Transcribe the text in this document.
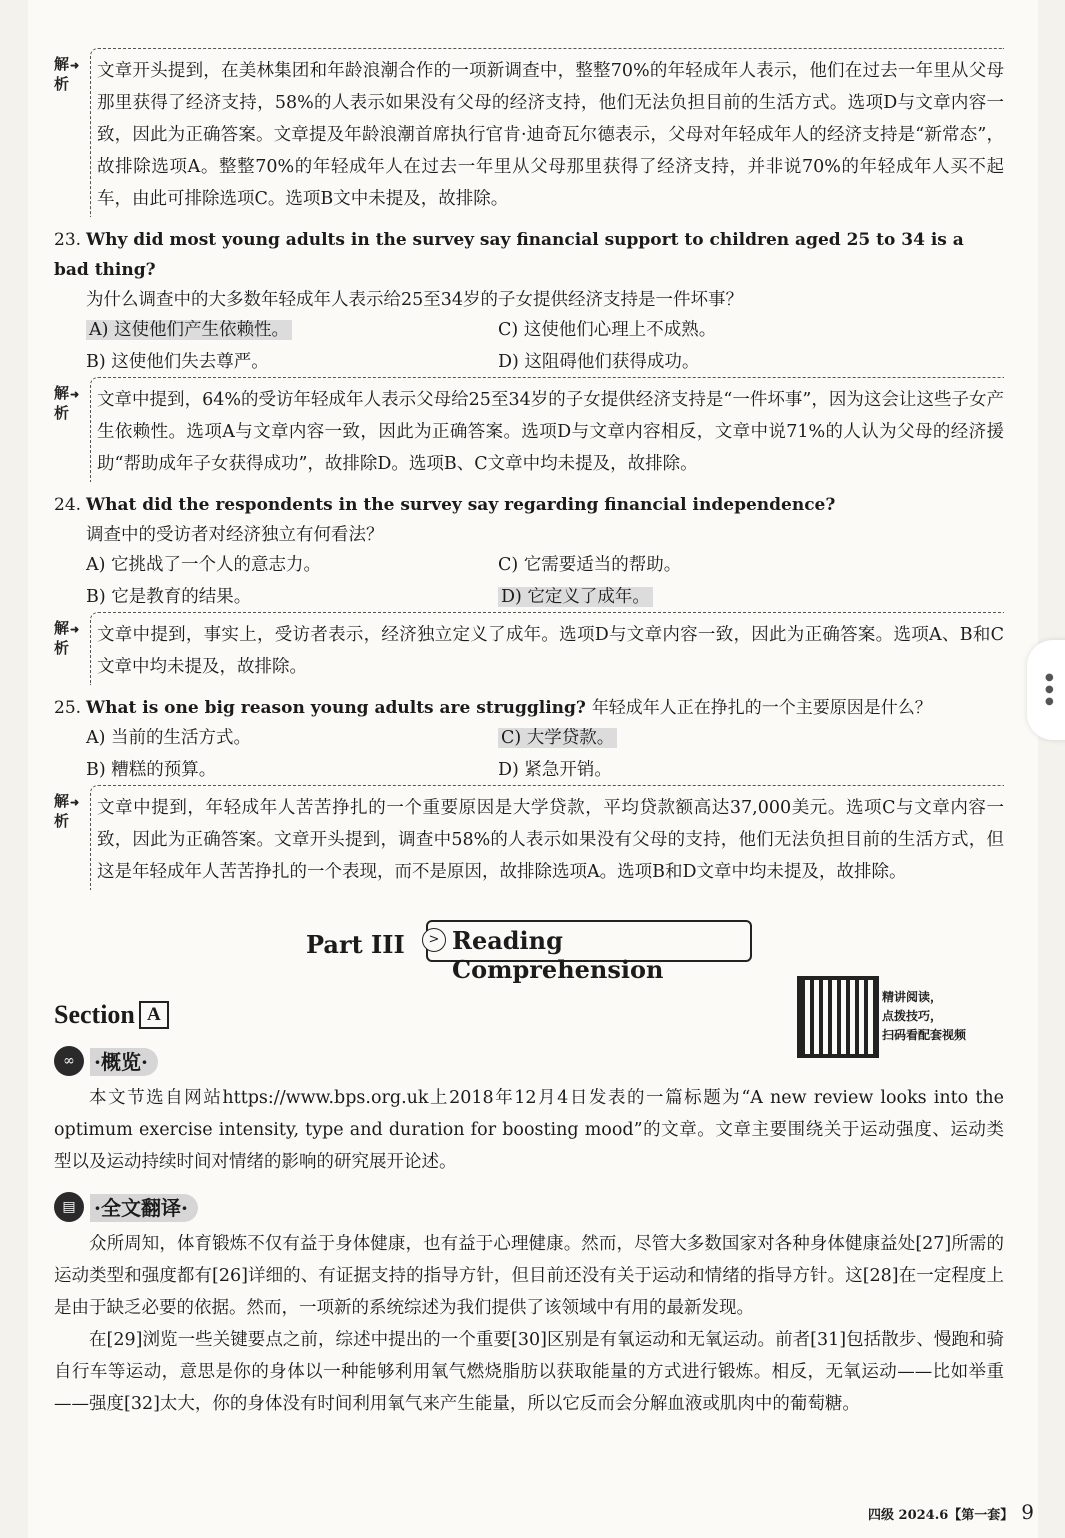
解析
➜	文章开头提到，在美林集团和年龄浪潮合作的一项新调查中，整整70%的年轻成年人表示，他们在过去一年里从父母那里获得了经济支持，58%的人表示如果没有父母的经济支持，他们无法负担目前的生活方式。选项D与文章内容一致，因此为正确答案。文章提及年龄浪潮首席执行官肯·迪奇瓦尔德表示，父母对年轻成年人的经济支持是“新常态”，故排除选项A。整整70%的年轻成年人在过去一年里从父母那里获得了经济支持，并非说70%的年轻成年人买不起车，由此可排除选项C。选项B文中未提及，故排除。
23. Why did most young adults in the survey say financial support to children aged 25 to 34 is a bad thing?
为什么调查中的大多数年轻成年人表示给25至34岁的子女提供经济支持是一件坏事？
A) 这使他们产生依赖性。	C) 这使他们心理上不成熟。
B) 这使他们失去尊严。	D) 这阻碍他们获得成功。
解析
➜	文章中提到，64%的受访年轻成年人表示父母给25至34岁的子女提供经济支持是“一件坏事”，因为这会让这些子女产生依赖性。选项A与文章内容一致，因此为正确答案。选项D与文章内容相反，文章中说71%的人认为父母的经济援助“帮助成年子女获得成功”，故排除D。选项B、C文章中均未提及，故排除。
24. What did the respondents in the survey say regarding financial independence?
调查中的受访者对经济独立有何看法？
A) 它挑战了一个人的意志力。	C) 它需要适当的帮助。
B) 它是教育的结果。	D) 它定义了成年。
解析
➜	文章中提到，事实上，受访者表示，经济独立定义了成年。选项D与文章内容一致，因此为正确答案。选项A、B和C文章中均未提及，故排除。
25. What is one big reason young adults are struggling? 年轻成年人正在挣扎的一个主要原因是什么？
A) 当前的生活方式。	C) 大学贷款。
B) 糟糕的预算。	D) 紧急开销。
解析
➜	文章中提到，年轻成年人苦苦挣扎的一个重要原因是大学贷款，平均贷款额高达37,000美元。选项C与文章内容一致，因此为正确答案。文章开头提到，调查中58%的人表示如果没有父母的支持，他们无法负担目前的生活方式，但这是年轻成年人苦苦挣扎的一个表现，而不是原因，故排除选项A。选项B和D文章中均未提及，故排除。
Part III	> Reading Comprehension
Section A
精讲阅读，
点拨技巧，
扫码看配套视频
∞ ·概览·

本文节选自网站https://www.bps.org.uk上2018年12月4日发表的一篇标题为“A new review looks into the optimum exercise intensity, type and duration for boosting mood”的文章。文章主要围绕关于运动强度、运动类型以及运动持续时间对情绪的影响的研究展开论述。

▤ ·全文翻译·

众所周知，体育锻炼不仅有益于身体健康，也有益于心理健康。然而，尽管大多数国家对各种身体健康益处[27]所需的运动类型和强度都有[26]详细的、有证据支持的指导方针，但目前还没有关于运动和情绪的指导方针。这[28]在一定程度上是由于缺乏必要的依据。然而，一项新的系统综述为我们提供了该领域中有用的最新发现。

在[29]浏览一些关键要点之前，综述中提出的一个重要[30]区别是有氧运动和无氧运动。前者[31]包括散步、慢跑和骑自行车等运动，意思是你的身体以一种能够利用氧气燃烧脂肪以获取能量的方式进行锻炼。相反，无氧运动——比如举重——强度[32]太大，你的身体没有时间利用氧气来产生能量，所以它反而会分解血液或肌肉中的葡萄糖。

四级 2024.6【第一套】 9
●
●
●
